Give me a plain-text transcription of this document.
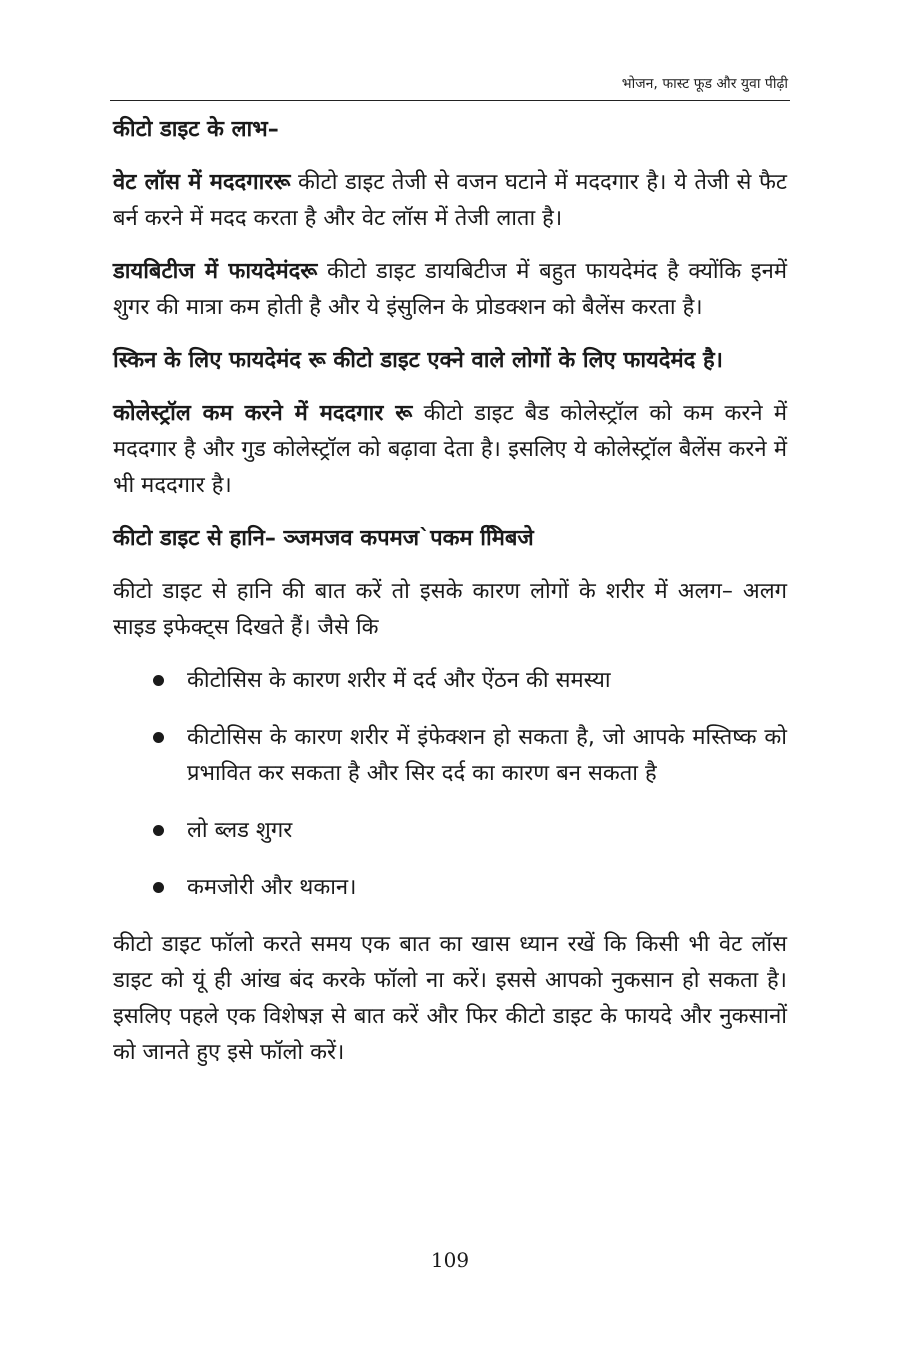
भोजन, फास्ट फूड और युवा पीढ़ी
कीटो डाइट के लाभ–

वेट लॉस में मददगाररू कीटो डाइट तेजी से वजन घटाने में मददगार है। ये तेजी से फैट बर्न करने में मदद करता है और वेट लॉस में तेजी लाता है।

डायबिटीज में फायदेमंदरू कीटो डाइट डायबिटीज में बहुत फायदेमंद है क्योंकि इनमें शुगर की मात्रा कम होती है और ये इंसुलिन के प्रोडक्शन को बैलेंस करता है।

स्किन के लिए फायदेमंद रू कीटो डाइट एक्ने वाले लोगों के लिए फायदेमंद है।

कोलेस्ट्रॉल कम करने में मददगार रू कीटो डाइट बैड कोलेस्ट्रॉल को कम करने में मददगार है और गुड कोलेस्ट्रॉल को बढ़ावा देता है। इसलिए ये कोलेस्ट्रॉल बैलेंस करने में भी मददगार है।

कीटो डाइट से हानि– ञ्जमजव कपमज`पकम मििबजे

कीटो डाइट से हानि की बात करें तो इसके कारण लोगों के शरीर में अलग– अलग साइड इफेक्ट्स दिखते हैं। जैसे कि

कीटोसिस के कारण शरीर में दर्द और ऐंठन की समस्या
कीटोसिस के कारण शरीर में इंफेक्शन हो सकता है, जो आपके मस्तिष्क को प्रभावित कर सकता है और सिर दर्द का कारण बन सकता है
लो ब्लड शुगर
कमजोरी और थकान।

कीटो डाइट फॉलो करते समय एक बात का खास ध्यान रखें कि किसी भी वेट लॉस डाइट को यूं ही आंख बंद करके फॉलो ना करें। इससे आपको नुकसान हो सकता है। इसलिए पहले एक विशेषज्ञ से बात करें और फिर कीटो डाइट के फायदे और नुकसानों को जानते हुए इसे फॉलो करें।

109
